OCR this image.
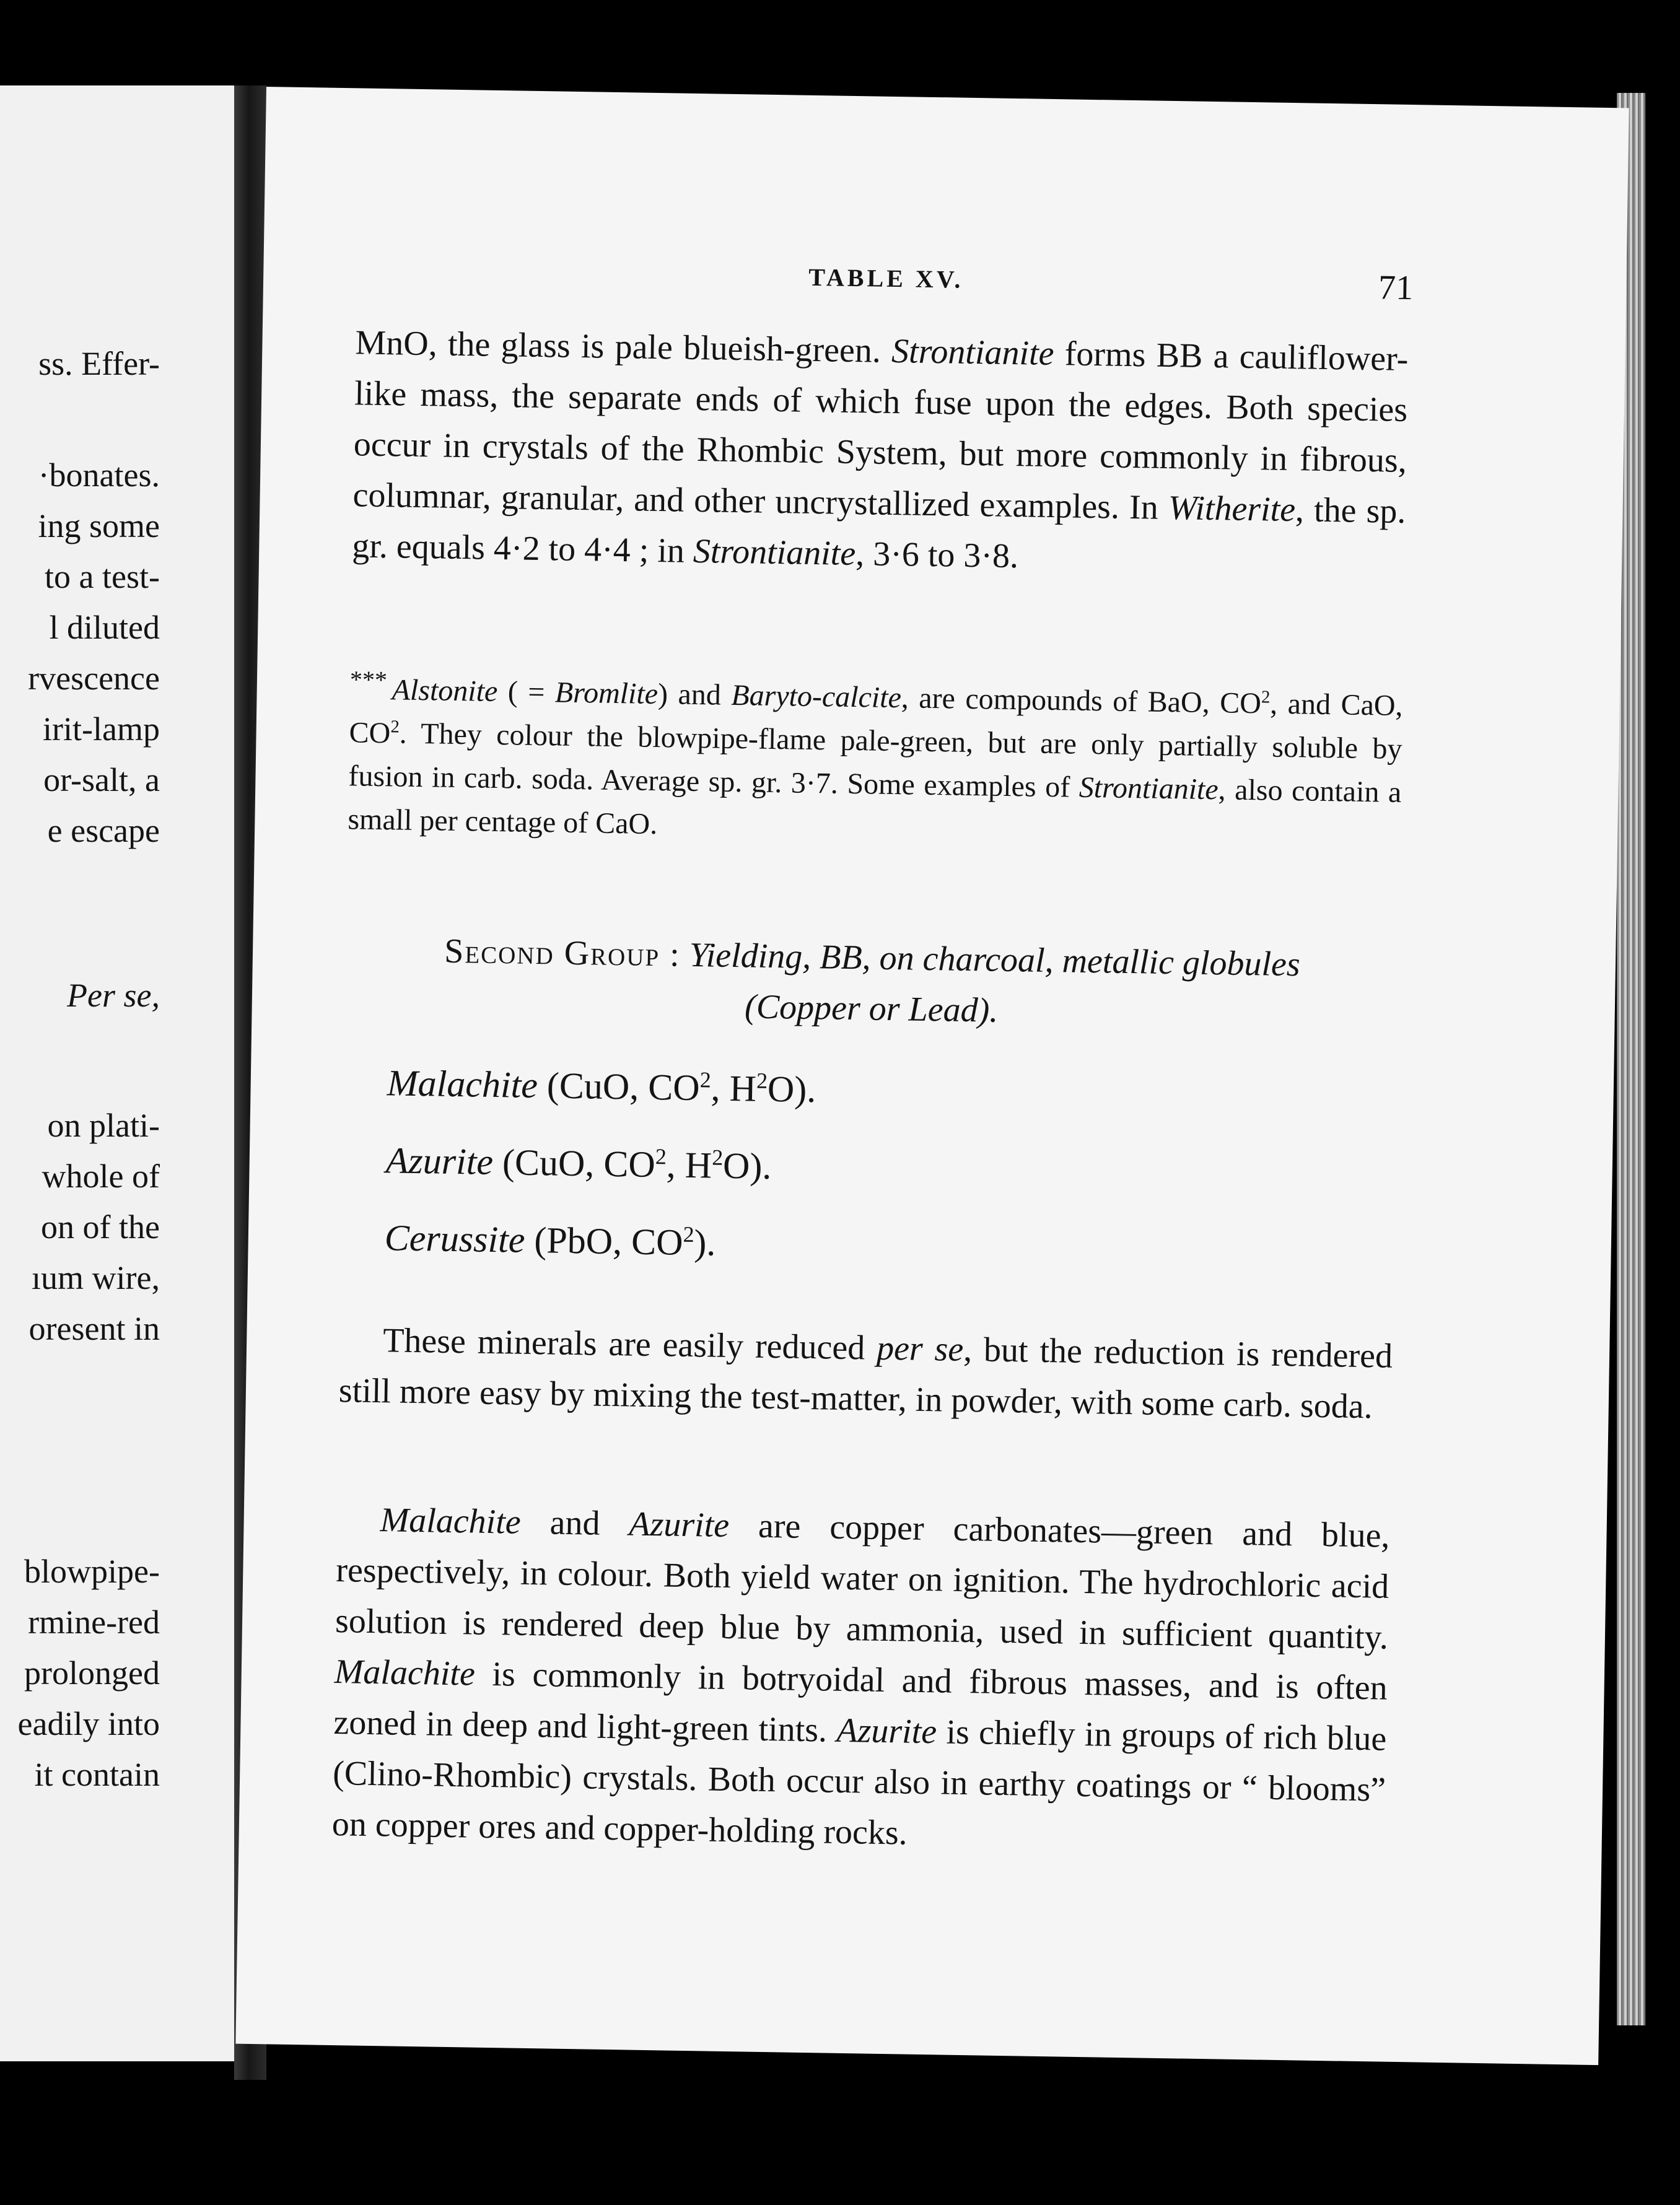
ss. Effer-
·bonates.
ing some
to a test-
l diluted
rvescence
irit-lamp
or-salt, a
e escape
Per se,
on plati-
whole of
on of the
ıum wire,
oresent in
blowpipe-
rmine-red
prolonged
eadily into
it contain
TABLE XV.	71

MnO, the glass is pale blueish-green. Strontianite forms BB a cauliflower-like mass, the separate ends of which fuse upon the edges. Both species occur in crystals of the Rhombic System, but more commonly in fibrous, columnar, granular, and other uncrystallized examples. In Witherite, the sp. gr. equals 4·2 to 4·4 ; in Strontianite, 3·6 to 3·8.

*** Alstonite ( = Bromlite) and Baryto-calcite, are compounds of BaO, $CO^2$, and CaO, $CO^2$. They colour the blowpipe-flame pale-green, but are only partially soluble by fusion in carb. soda. Average sp. gr. 3·7. Some examples of Strontianite, also contain a small per centage of CaO.

Second Group : Yielding, BB, on charcoal, metallic globules
(Copper or Lead).
Malachite (CuO, $CO^2$, $H^2O$).
Azurite (CuO, $CO^2$, $H^2O$).
Cerussite (PbO, $CO^2$).

These minerals are easily reduced per se, but the reduction is rendered still more easy by mixing the test-matter, in powder, with some carb. soda.

Malachite and Azurite are copper carbonates—green and blue, respectively, in colour. Both yield water on ignition. The hydrochloric acid solution is rendered deep blue by ammonia, used in sufficient quantity. Malachite is commonly in botryoidal and fibrous masses, and is often zoned in deep and light-green tints. Azurite is chiefly in groups of rich blue (Clino-Rhombic) crystals. Both occur also in earthy coatings or “ blooms” on copper ores and copper-holding rocks.
